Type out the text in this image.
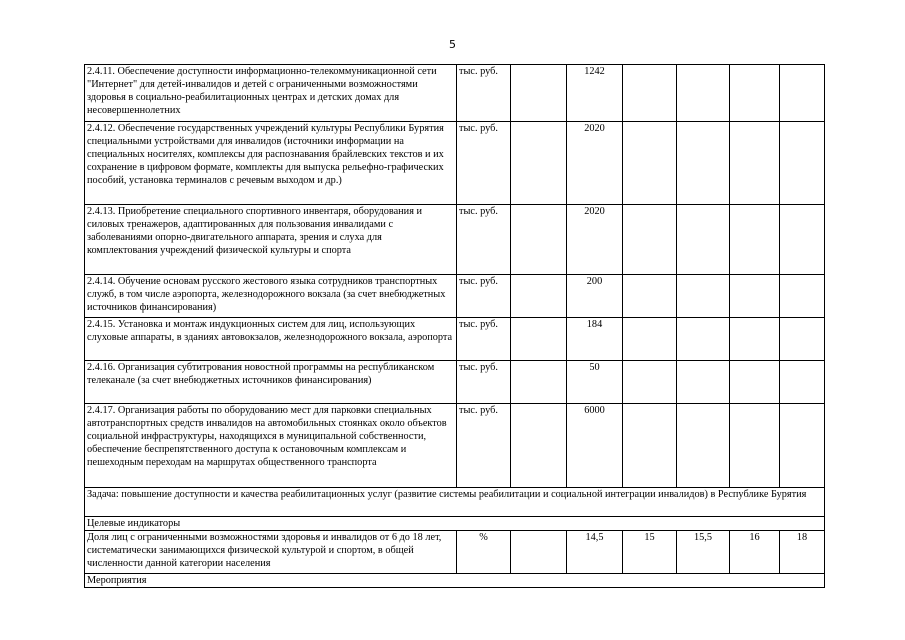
5
2.4.11. Обеспечение доступности информационно-телекоммуникационной сети "Интернет" для детей-инвалидов и детей с ограниченными возможностями здоровья в социально-реабилитационных центрах и детских домах для несовершеннолетних	тыс. руб.		1242				
2.4.12. Обеспечение государственных учреждений культуры Республики Бурятия специальными устройствами для инвалидов (источники информации на специальных носителях, комплексы для распознавания брайлевских текстов и их сохранение в цифровом формате, комплекты для выпуска рельефно-графических пособий, установка терминалов с речевым выходом и др.)	тыс. руб.		2020				
2.4.13. Приобретение специального спортивного инвентаря, оборудования и силовых тренажеров, адаптированных для пользования инвалидами с заболеваниями опорно-двигательного аппарата, зрения и слуха для комплектования учреждений физической культуры и спорта	тыс. руб.		2020				
2.4.14. Обучение основам русского жестового языка сотрудников транспортных служб, в том числе аэропорта, железнодорожного вокзала (за счет внебюджетных источников финансирования)	тыс. руб.		200				
2.4.15. Установка и монтаж индукционных систем для лиц, использующих слуховые аппараты, в зданиях автовокзалов, железнодорожного вокзала, аэропорта	тыс. руб.		184				
2.4.16. Организация субтитрования новостной программы на республиканском телеканале (за счет внебюджетных источников финансирования)	тыс. руб.		50				
2.4.17. Организация работы по оборудованию мест для парковки специальных автотранспортных средств инвалидов на автомобильных стоянках около объектов социальной инфраструктуры, находящихся в муниципальной собственности, обеспечение беспрепятственного доступа к остановочным комплексам и пешеходным переходам на маршрутах общественного транспорта	тыс. руб.		6000				
Задача: повышение доступности и качества реабилитационных услуг (развитие системы реабилитации и социальной интеграции инвалидов) в Республике Бурятия							
Целевые индикаторы							
Доля лиц с ограниченными возможностями здоровья и инвалидов от 6 до 18 лет, систематически занимающихся физической культурой и спортом, в общей численности данной категории населения	%		14,5	15	15,5	16	18
Мероприятия							
